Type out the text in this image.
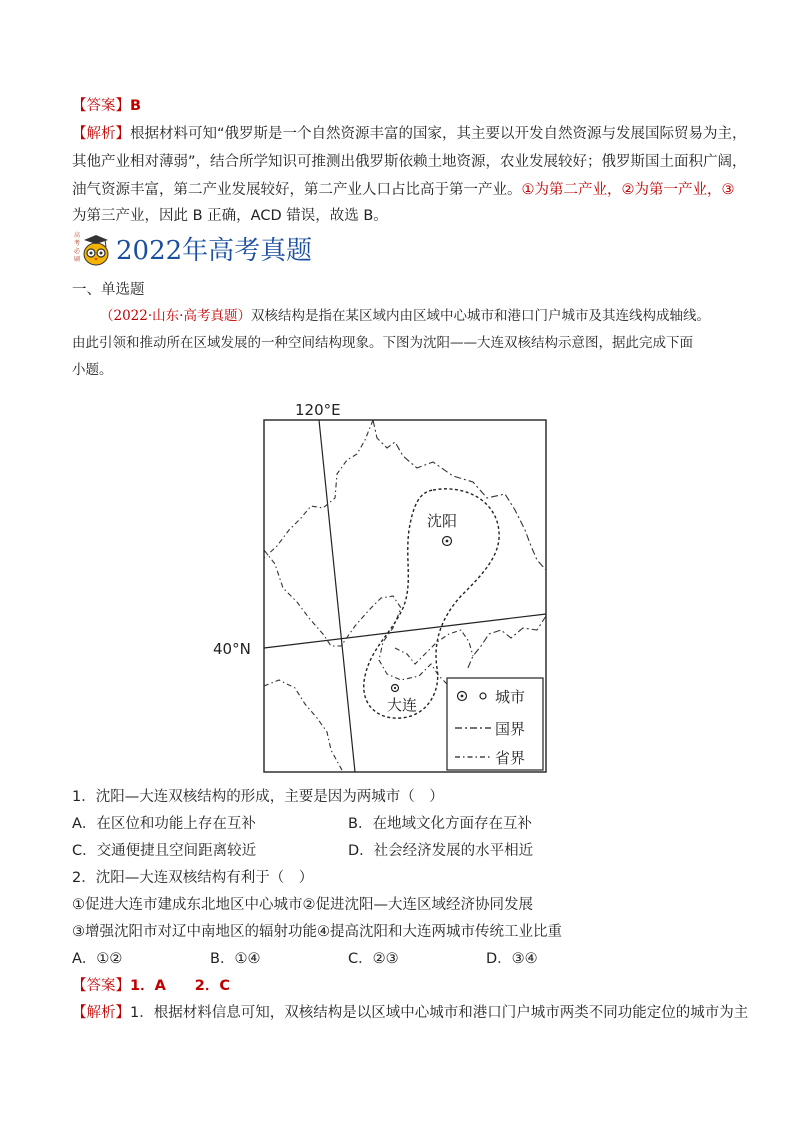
【答案】B
【解析】根据材料可知“俄罗斯是一个自然资源丰富的国家，其主要以开发自然资源与发展国际贸易为主，
其他产业相对薄弱”，结合所学知识可推测出俄罗斯依赖土地资源，农业发展较好；俄罗斯国土面积广阔，
油气资源丰富，第二产业发展较好，第二产业人口占比高于第一产业。①为第二产业，②为第一产业，③
为第三产业，因此 B 正确，ACD 错误，故选 B。
高
考
必
刷 2022年高考真题
一、单选题
（2022·山东·高考真题）双核结构是指在某区域内由区域中心城市和港口门户城市及其连线构成轴线。
由此引领和推动所在区域发展的一种空间结构现象。下图为沈阳——大连双核结构示意图，据此完成下面
小题。
120°E
40°N
沈阳
大连	城市
国界
省界
1．沈阳—大连双核结构的形成，主要是因为两城市（　）
A．在区位和功能上存在互补	B．在地域文化方面存在互补
C．交通便捷且空间距离较近	D．社会经济发展的水平相近
2．沈阳—大连双核结构有利于（　）
①促进大连市建成东北地区中心城市②促进沈阳—大连区域经济协同发展
③增强沈阳市对辽中南地区的辐射功能④提高沈阳和大连两城市传统工业比重
A．①②	B．①④	C．②③	D．③④
【答案】1．A　　2．C
【解析】1．根据材料信息可知，双核结构是以区域中心城市和港口门户城市两类不同功能定位的城市为主
